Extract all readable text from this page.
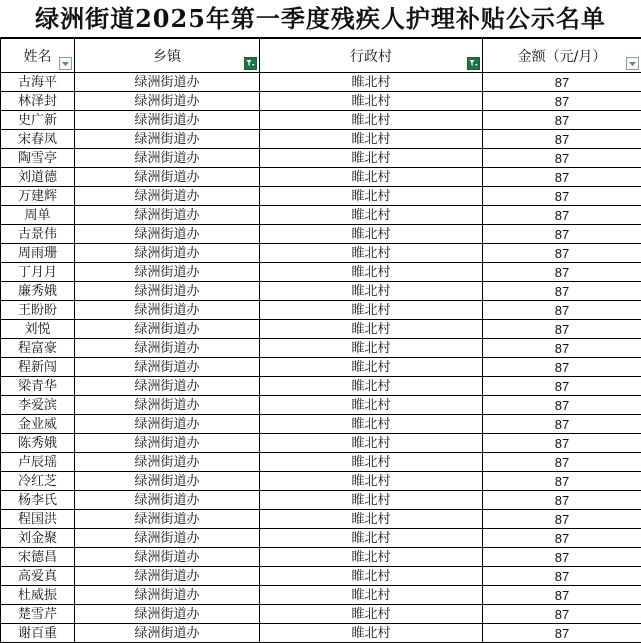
绿洲街道2025年第一季度残疾人护理补贴公示名单
姓名	乡镇	行政村	金额（元/月）

古海平	绿洲街道办	睢北村	87
林泽封	绿洲街道办	睢北村	87
史广新	绿洲街道办	睢北村	87
宋春凤	绿洲街道办	睢北村	87
陶雪亭	绿洲街道办	睢北村	87
刘道德	绿洲街道办	睢北村	87
万建辉	绿洲街道办	睢北村	87
周单	绿洲街道办	睢北村	87
古景伟	绿洲街道办	睢北村	87
周雨珊	绿洲街道办	睢北村	87
丁月月	绿洲街道办	睢北村	87
廉秀娥	绿洲街道办	睢北村	87
王盼盼	绿洲街道办	睢北村	87
刘悦	绿洲街道办	睢北村	87
程富豪	绿洲街道办	睢北村	87
程新闯	绿洲街道办	睢北村	87
梁青华	绿洲街道办	睢北村	87
李爱滨	绿洲街道办	睢北村	87
金业威	绿洲街道办	睢北村	87
陈秀娥	绿洲街道办	睢北村	87
卢辰瑶	绿洲街道办	睢北村	87
冷红芝	绿洲街道办	睢北村	87
杨李氏	绿洲街道办	睢北村	87
程国洪	绿洲街道办	睢北村	87
刘金聚	绿洲街道办	睢北村	87
宋德昌	绿洲街道办	睢北村	87
高爱真	绿洲街道办	睢北村	87
杜威振	绿洲街道办	睢北村	87
楚雪芹	绿洲街道办	睢北村	87
谢百重	绿洲街道办	睢北村	87
